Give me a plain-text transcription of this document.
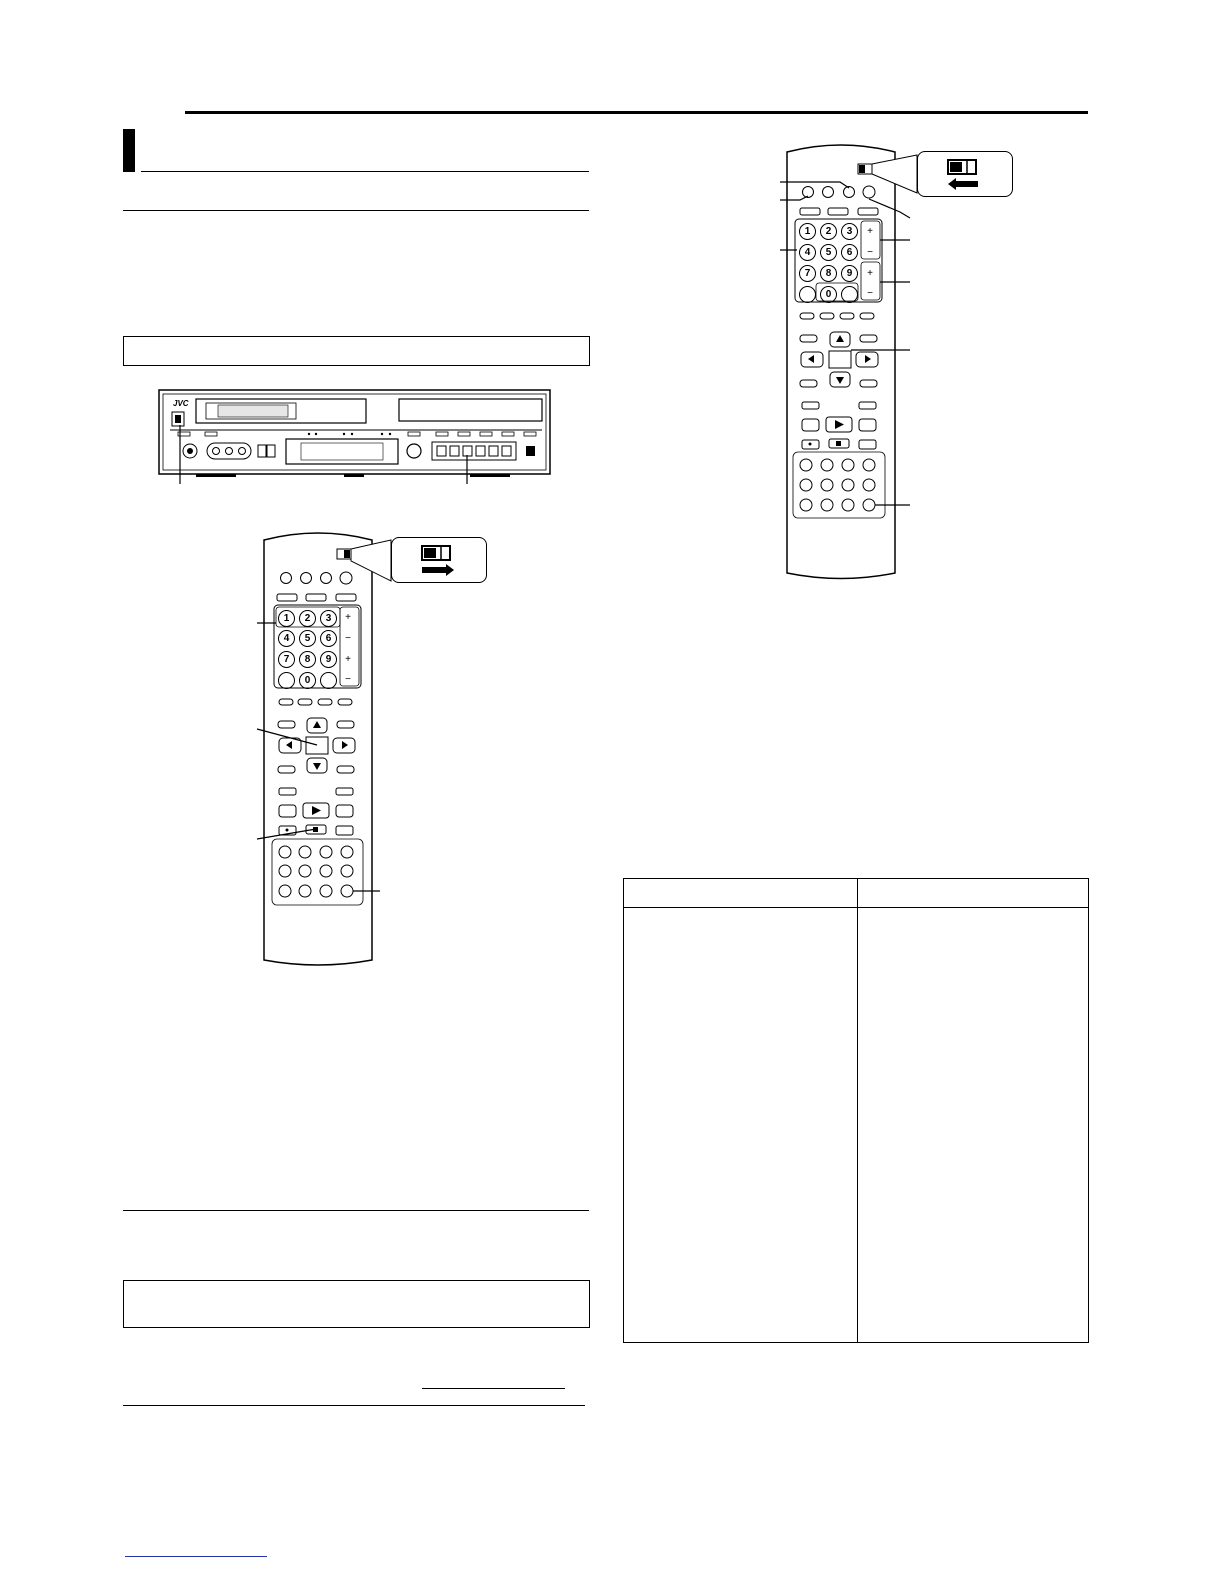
JVC
+
−
+
−
1	2	3
4	5	6
7	8	9
0
+
−
+
−
1	2	3
4	5	6
7	8	9
0
